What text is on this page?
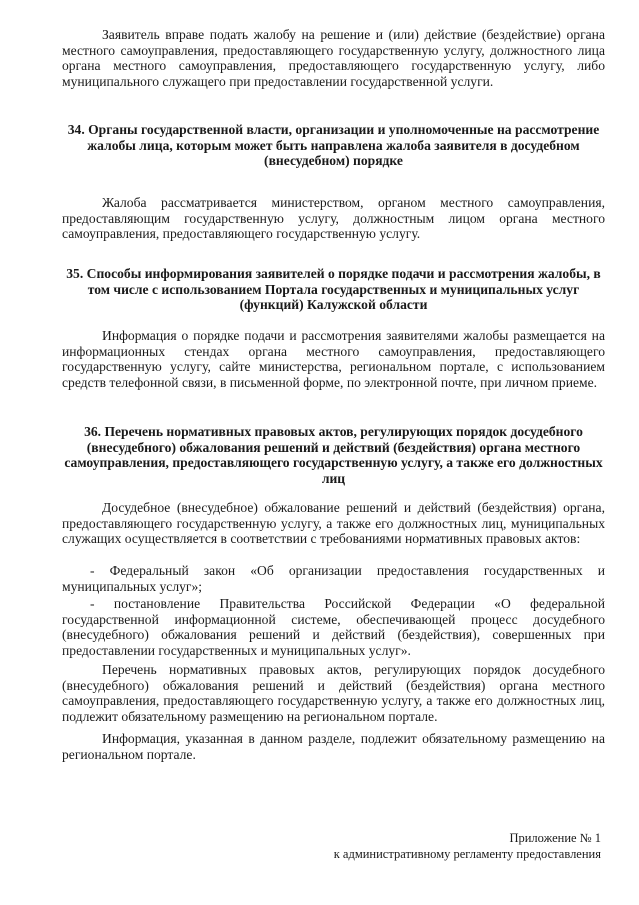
Заявитель вправе подать жалобу на решение и (или) действие (бездействие) органа местного самоуправления, предоставляющего государственную услугу, должностного лица органа местного самоуправления, предоставляющего государственную услугу, либо муниципального служащего при предоставлении государственной услуги.

34. Органы государственной власти, организации и уполномоченные на рассмотрение жалобы лица, которым может быть направлена жалоба заявителя в досудебном (внесудебном) порядке

Жалоба рассматривается министерством, органом местного самоуправления, предоставляющим государственную услугу, должностным лицом органа местного самоуправления, предоставляющего государственную услугу.

35. Способы информирования заявителей о порядке подачи и рассмотрения жалобы, в том числе с использованием Портала государственных и муниципальных услуг (функций) Калужской области

Информация о порядке подачи и рассмотрения заявителями жалобы размещается на информационных стендах органа местного самоуправления, предоставляющего государственную услугу, сайте министерства, региональном портале, с использованием средств телефонной связи, в письменной форме, по электронной почте, при личном приеме.

36. Перечень нормативных правовых актов, регулирующих порядок досудебного (внесудебного) обжалования решений и действий (бездействия) органа местного самоуправления, предоставляющего государственную услугу, а также его должностных лиц

Досудебное (внесудебное) обжалование решений и действий (бездействия) органа, предоставляющего государственную услугу, а также его должностных лиц, муниципальных служащих осуществляется в соответствии с требованиями нормативных правовых актов:

- Федеральный закон «Об организации предоставления государственных и муниципальных услуг»;

- постановление Правительства Российской Федерации «О федеральной государственной информационной системе, обеспечивающей процесс досудебного (внесудебного) обжалования решений и действий (бездействия), совершенных при предоставлении государственных и муниципальных услуг».

Перечень нормативных правовых актов, регулирующих порядок досудебного (внесудебного) обжалования решений и действий (бездействия) органа местного самоуправления, предоставляющего государственную услугу, а также его должностных лиц, подлежит обязательному размещению на региональном портале.

Информация, указанная в данном разделе, подлежит обязательному размещению на региональном портале.

Приложение № 1
к административному регламенту предоставления
